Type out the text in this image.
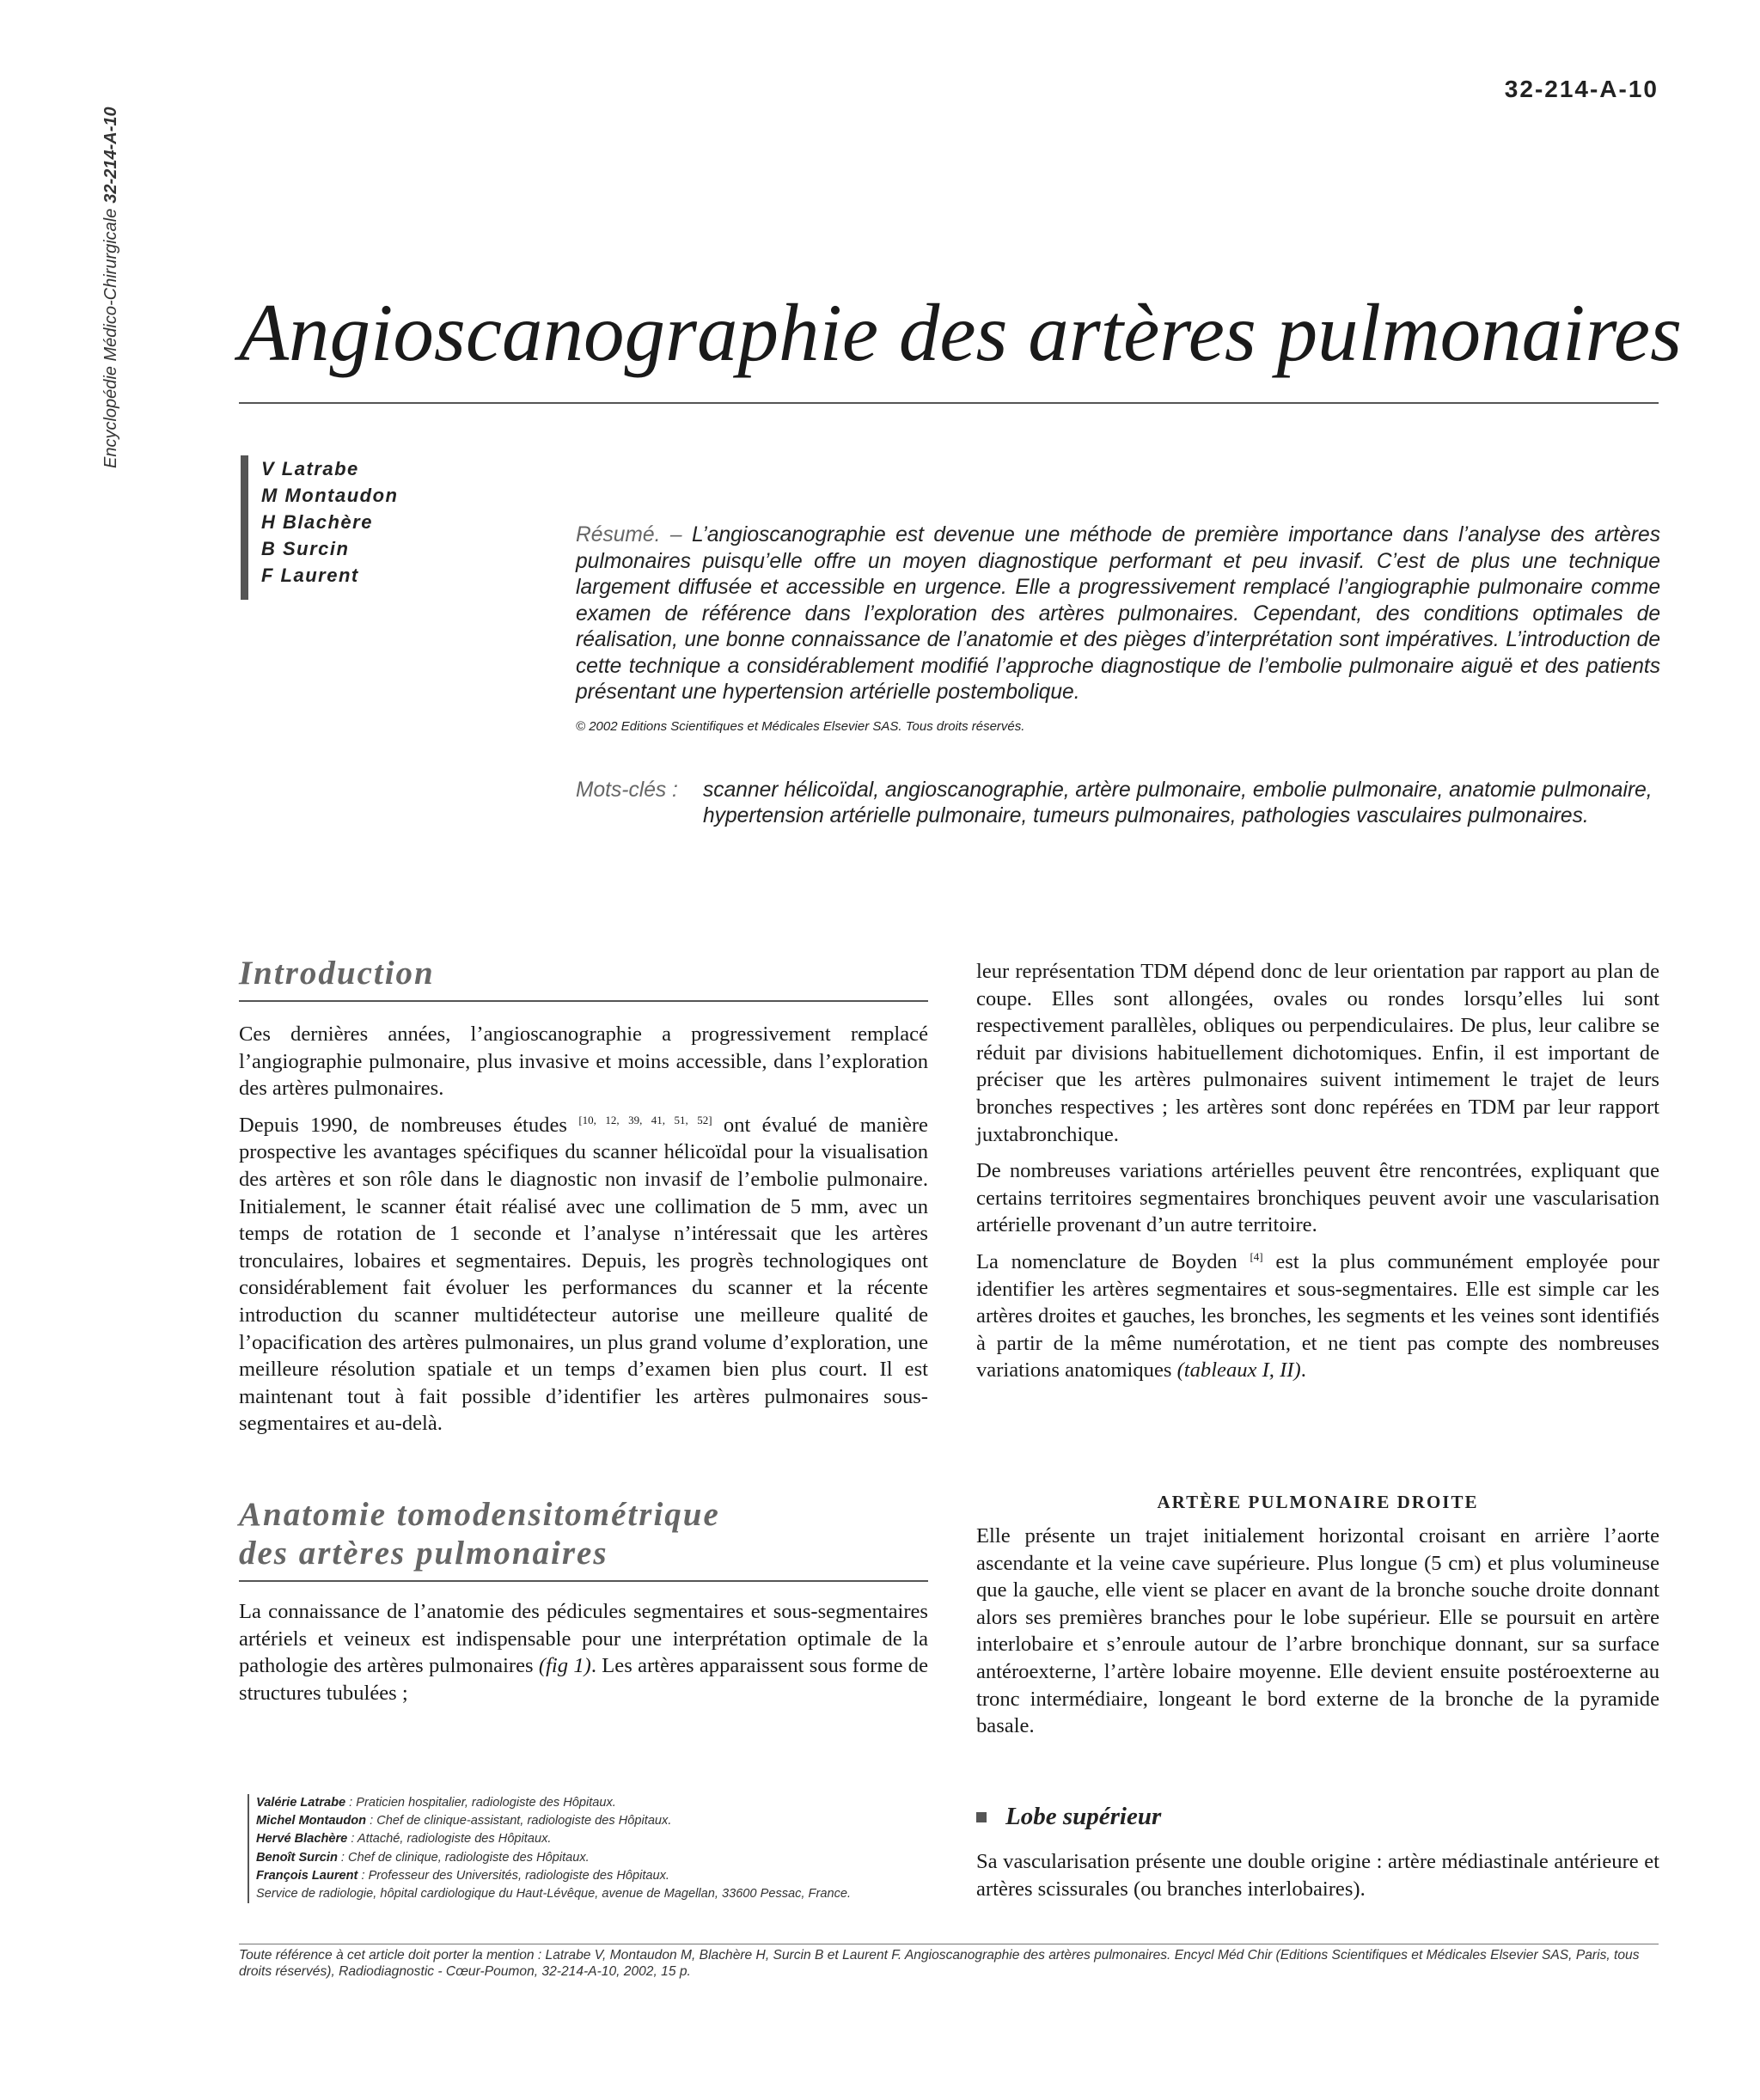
Encyclopédie Médico-Chirurgicale32-214-A-10
32-214-A-10
Angioscanographie des artères pulmonaires
V Latrabe
M Montaudon
H Blachère
B Surcin
F Laurent

Résumé. – L’angioscanographie est devenue une méthode de première importance dans l’analyse des artères pulmonaires puisqu’elle offre un moyen diagnostique performant et peu invasif. C’est de plus une technique largement diffusée et accessible en urgence. Elle a progressivement remplacé l’angiographie pulmonaire comme examen de référence dans l’exploration des artères pulmonaires. Cependant, des conditions optimales de réalisation, une bonne connaissance de l’anatomie et des pièges d’interprétation sont impératives. L’introduction de cette technique a considérablement modifié l’approche diagnostique de l’embolie pulmonaire aiguë et des patients présentant une hypertension artérielle postembolique.

© 2002 Editions Scientifiques et Médicales Elsevier SAS. Tous droits réservés.

Mots-clés :	scanner hélicoïdal, angioscanographie, artère pulmonaire, embolie pulmonaire, anatomie pulmonaire, hypertension artérielle pulmonaire, tumeurs pulmonaires, pathologies vasculaires pulmonaires.
Introduction

Ces dernières années, l’angioscanographie a progressivement remplacé l’angiographie pulmonaire, plus invasive et moins accessible, dans l’exploration des artères pulmonaires.

Depuis 1990, de nombreuses études [10, 12, 39, 41, 51, 52] ont évalué de manière prospective les avantages spécifiques du scanner hélicoïdal pour la visualisation des artères et son rôle dans le diagnostic non invasif de l’embolie pulmonaire. Initialement, le scanner était réalisé avec une collimation de 5 mm, avec un temps de rotation de 1 seconde et l’analyse n’intéressait que les artères tronculaires, lobaires et segmentaires. Depuis, les progrès technologiques ont considérablement fait évoluer les performances du scanner et la récente introduction du scanner multidétecteur autorise une meilleure qualité de l’opacification des artères pulmonaires, un plus grand volume d’exploration, une meilleure résolution spatiale et un temps d’examen bien plus court. Il est maintenant tout à fait possible d’identifier les artères pulmonaires sous-segmentaires et au-delà.

Anatomie tomodensitométrique
des artères pulmonaires

La connaissance de l’anatomie des pédicules segmentaires et sous-segmentaires artériels et veineux est indispensable pour une interprétation optimale de la pathologie des artères pulmonaires (fig 1). Les artères apparaissent sous forme de structures tubulées ;

leur représentation TDM dépend donc de leur orientation par rapport au plan de coupe. Elles sont allongées, ovales ou rondes lorsqu’elles lui sont respectivement parallèles, obliques ou perpendiculaires. De plus, leur calibre se réduit par divisions habituellement dichotomiques. Enfin, il est important de préciser que les artères pulmonaires suivent intimement le trajet de leurs bronches respectives ; les artères sont donc repérées en TDM par leur rapport juxtabronchique.

De nombreuses variations artérielles peuvent être rencontrées, expliquant que certains territoires segmentaires bronchiques peuvent avoir une vascularisation artérielle provenant d’un autre territoire.

La nomenclature de Boyden [4] est la plus communément employée pour identifier les artères segmentaires et sous-segmentaires. Elle est simple car les artères droites et gauches, les bronches, les segments et les veines sont identifiés à partir de la même numérotation, et ne tient pas compte des nombreuses variations anatomiques (tableaux I, II).

ARTÈRE PULMONAIRE DROITE

Elle présente un trajet initialement horizontal croisant en arrière l’aorte ascendante et la veine cave supérieure. Plus longue (5 cm) et plus volumineuse que la gauche, elle vient se placer en avant de la bronche souche droite donnant alors ses premières branches pour le lobe supérieur. Elle se poursuit en artère interlobaire et s’enroule autour de l’arbre bronchique donnant, sur sa surface antéroexterne, l’artère lobaire moyenne. Elle devient ensuite postéroexterne au tronc intermédiaire, longeant le bord externe de la bronche de la pyramide basale.

Lobe supérieur

Sa vascularisation présente une double origine : artère médiastinale antérieure et artères scissurales (ou branches interlobaires).

Valérie Latrabe : Praticien hospitalier, radiologiste des Hôpitaux.
Michel Montaudon : Chef de clinique-assistant, radiologiste des Hôpitaux.
Hervé Blachère : Attaché, radiologiste des Hôpitaux.
Benoît Surcin : Chef de clinique, radiologiste des Hôpitaux.
François Laurent : Professeur des Universités, radiologiste des Hôpitaux.
Service de radiologie, hôpital cardiologique du Haut-Lévêque, avenue de Magellan, 33600 Pessac, France.
Toute référence à cet article doit porter la mention : Latrabe V, Montaudon M, Blachère H, Surcin B et Laurent F. Angioscanographie des artères pulmonaires. Encycl Méd Chir (Editions Scientifiques et Médicales Elsevier SAS, Paris, tous droits réservés), Radiodiagnostic - Cœur-Poumon, 32-214-A-10, 2002, 15 p.
